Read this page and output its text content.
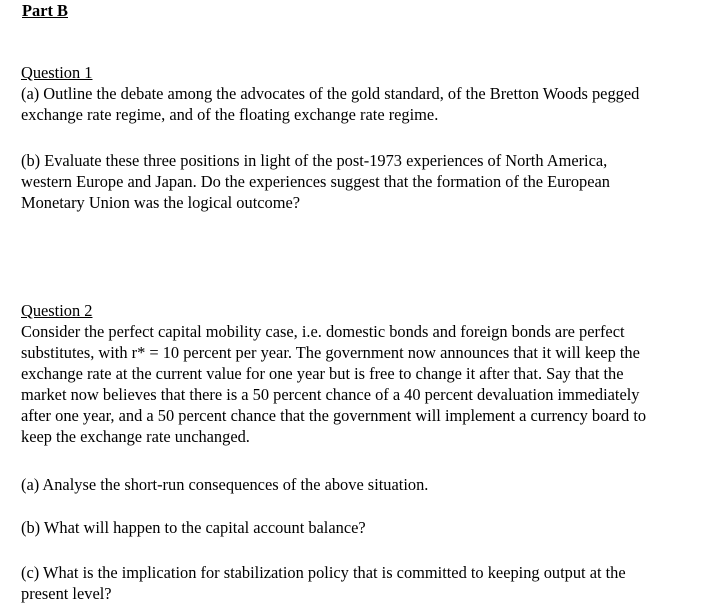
Part B
Question 1
(a) Outline the debate among the advocates of the gold standard, of the Bretton Woods pegged
exchange rate regime, and of the floating exchange rate regime.
(b) Evaluate these three positions in light of the post-1973 experiences of North America,
western Europe and Japan. Do the experiences suggest that the formation of the European
Monetary Union was the logical outcome?
Question 2
Consider the perfect capital mobility case, i.e. domestic bonds and foreign bonds are perfect
substitutes, with r* = 10 percent per year. The government now announces that it will keep the
exchange rate at the current value for one year but is free to change it after that. Say that the
market now believes that there is a 50 percent chance of a 40 percent devaluation immediately
after one year, and a 50 percent chance that the government will implement a currency board to
keep the exchange rate unchanged.
(a) Analyse the short-run consequences of the above situation.
(b) What will happen to the capital account balance?
(c) What is the implication for stabilization policy that is committed to keeping output at the
present level?
